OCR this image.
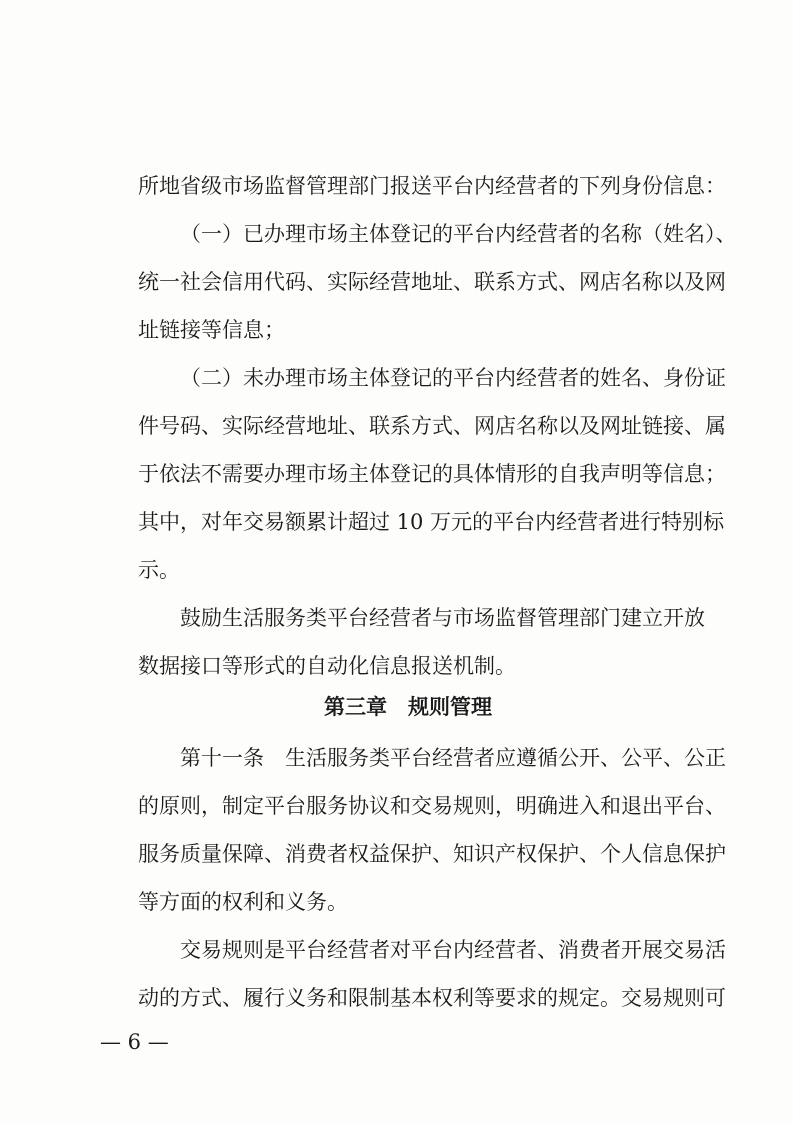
所地省级市场监督管理部门报送平台内经营者的下列身份信息：
（一）已办理市场主体登记的平台内经营者的名称（姓名）、
统一社会信用代码、实际经营地址、联系方式、网店名称以及网
址链接等信息；
（二）未办理市场主体登记的平台内经营者的姓名、身份证
件号码、实际经营地址、联系方式、网店名称以及网址链接、属
于依法不需要办理市场主体登记的具体情形的自我声明等信息；
其中，对年交易额累计超过 10 万元的平台内经营者进行特别标
示。
鼓励生活服务类平台经营者与市场监督管理部门建立开放
数据接口等形式的自动化信息报送机制。
第三章　规则管理
第十一条　生活服务类平台经营者应遵循公开、公平、公正
的原则，制定平台服务协议和交易规则，明确进入和退出平台、
服务质量保障、消费者权益保护、知识产权保护、个人信息保护
等方面的权利和义务。
交易规则是平台经营者对平台内经营者、消费者开展交易活
动的方式、履行义务和限制基本权利等要求的规定。交易规则可
— 6 —
